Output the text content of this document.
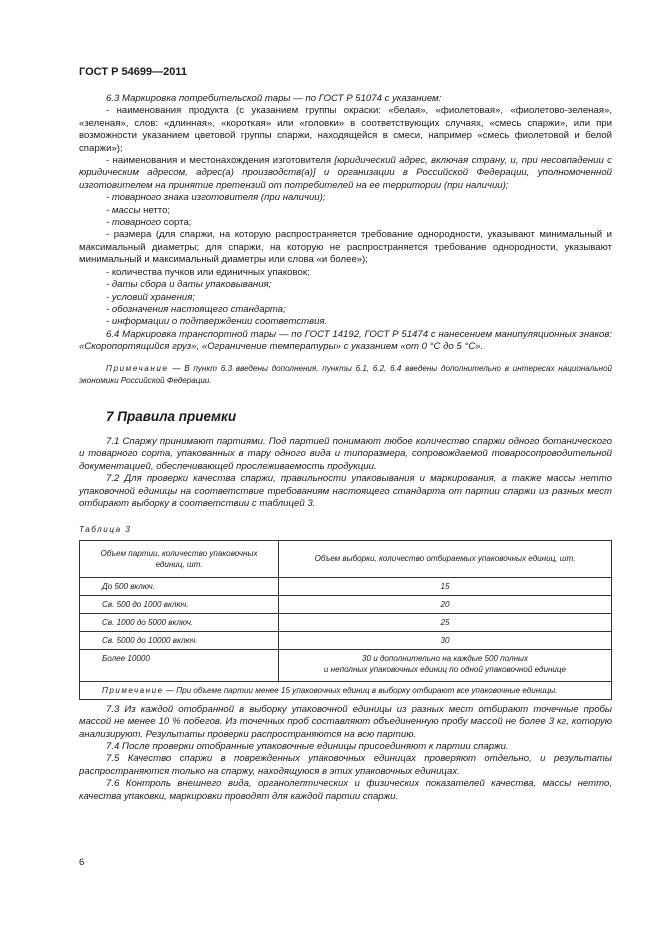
ГОСТ Р 54699—2011

6.3 Маркировка потребительской тары — по ГОСТ Р 51074 с указанием:

- наименования продукта (с указанием группы окраски: «белая», «фиолетовая», «фиолетово-зеленая», «зеленая», слов: «длинная», «короткая» или «головки» в соответствующих случаях, «смесь спаржи», или при возможности указанием цветовой группы спаржи, находящейся в смеси, например «смесь фиолетовой и белой спаржи»);

- наименования и местонахождения изготовителя [юридический адрес, включая страну, и, при несовпадении с юридическим адресом, адрес(а) производств(а)] и организации в Российской Федерации, уполномоченной изготовителем на принятие претензий от потребителей на ее территории (при наличии);

- товарного знака изготовителя (при наличии);

- массы нетто;

- товарного сорта;

- размера (для спаржи, на которую распространяется требование однородности, указывают минимальный и максимальный диаметры; для спаржи, на которую не распространяется требование однородности, указывают минимальный и максимальный диаметры или слова «и более»);

- количества пучков или единичных упаковок;

- даты сбора и даты упаковывания;

- условий хранения;

- обозначения настоящего стандарта;

- информации о подтверждении соответствия.

6.4 Маркировка транспортной тары — по ГОСТ 14192, ГОСТ Р 51474 с нанесением манипуляционных знаков: «Скоропортящийся груз», «Ограничение температуры» с указанием «от 0 °С до 5 °С».

Примечание — В пункт 6.3 введены дополнения, пункты 6.1, 6.2, 6.4 введены дополнительно в интересах национальной экономики Российской Федерации.

7 Правила приемки

7.1 Спаржу принимают партиями. Под партией понимают любое количество спаржи одного ботанического и товарного сорта, упакованных в тару одного вида и типоразмера, сопровождаемой товаросопроводительной документацией, обеспечивающей прослеживаемость продукции.

7.2 Для проверки качества спаржи, правильности упаковывания и маркирования, а также массы нетто упаковочной единицы на соответствие требованиям настоящего стандарта от партии спаржи из разных мест отбирают выборку в соответствии с таблицей 3.

Таблица 3

Объем партии, количество упаковочных единиц, шт.	Объем выборки, количество отбираемых упаковочных единиц, шт.
До 500 включ.	15
Св. 500 до 1000 включ.	20
Св. 1000 до 5000 включ.	25
Св. 5000 до 10000 включ.	30
Более 10000	30 и дополнительно на каждые 500 полных
и неполных упаковочных единиц по одной упаковочной единице

Примечание — При объеме партии менее 15 упаковочных единиц в выборку отбирают все упаковочные единицы.	

7.3 Из каждой отобранной в выборку упаковочной единицы из разных мест отбирают точечные пробы массой не менее 10 % побегов. Из точечных проб составляют объединенную пробу массой не более 3 кг, которую анализируют. Результаты проверки распространяются на всю партию.

7.4 После проверки отобранные упаковочные единицы присоединяют к партии спаржи.

7.5 Качество спаржи в поврежденных упаковочных единицах проверяют отдельно, и результаты распространяются только на спаржу, находящуюся в этих упаковочных единицах.

7.6 Контроль внешнего вида, органолептических и физических показателей качества, массы нетто, качества упаковки, маркировки проводят для каждой партии спаржи.

6
